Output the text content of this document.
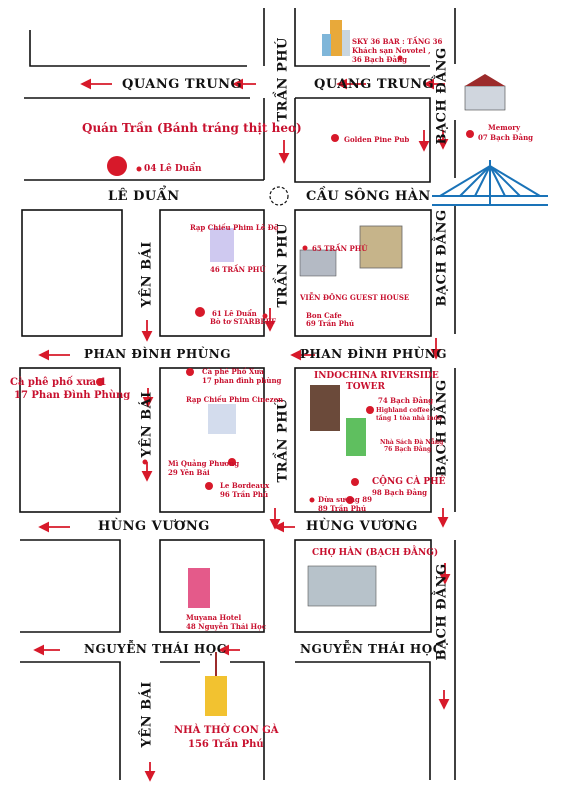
QUANG TRUNG	QUANG TRUNG
LÊ DUẨN	CẦU SÔNG HÀN
PHAN ĐÌNH PHÙNG	PHAN ĐÌNH PHÙNG
HÙNG VƯƠNG	HÙNG VƯƠNG
NGUYỄN THÁI HỌC	NGUYỄN THÁI HỌC
TRẦN PHÚ
TRẦN PHÚ
TRẦN PHÚ
YÊN BÁI
YÊN BÁI
YÊN BÁI
BẠCH ĐẰNG
BẠCH ĐẰNG
BẠCH ĐẰNG
BẠCH ĐẰNG
SKY 36 BAR : TẦNG 36
Khách sạn Novotel ,
36 Bạch Đằng
Memory
07 Bạch Đằng
Golden Pine Pub
Quán Trần (Bánh tráng thịt heo)
04 Lê Duẩn
Rạp Chiếu Phim Lê Độ
46 TRẦN PHÚ
65 TRẦN PHÚ
VIỄN ĐÔNG GUEST HOUSE
Bon Cafe
69 Trần Phú
61 Lê Duẩn
Bò tơ STARBEEF
Cà phê phố xưa 1
17 Phan Đình Phùng
Cà phê Phố Xưa
17 phan đình phùng
Rạp Chiếu Phim Cinezen
Mì Quảng Phương
29 Yên Bái
Le Bordeaux
96 Trần Phú
INDOCHINA RIVERSIDE
TOWER
74 Bạch Đằng
Highland coffee
tầng 1 tòa nhà indo
Nhà Sách Đà Nẵng
76 Bạch Đằng
CỘNG CÀ PHÊ
98 Bạch Đằng
Dừa sương 89
89 Trần Phú
CHỢ HÀN (BẠCH ĐẰNG)
Muyana Hotel
48 Nguyễn Thái Học
NHÀ THỜ CON GÀ
156 Trần Phú
